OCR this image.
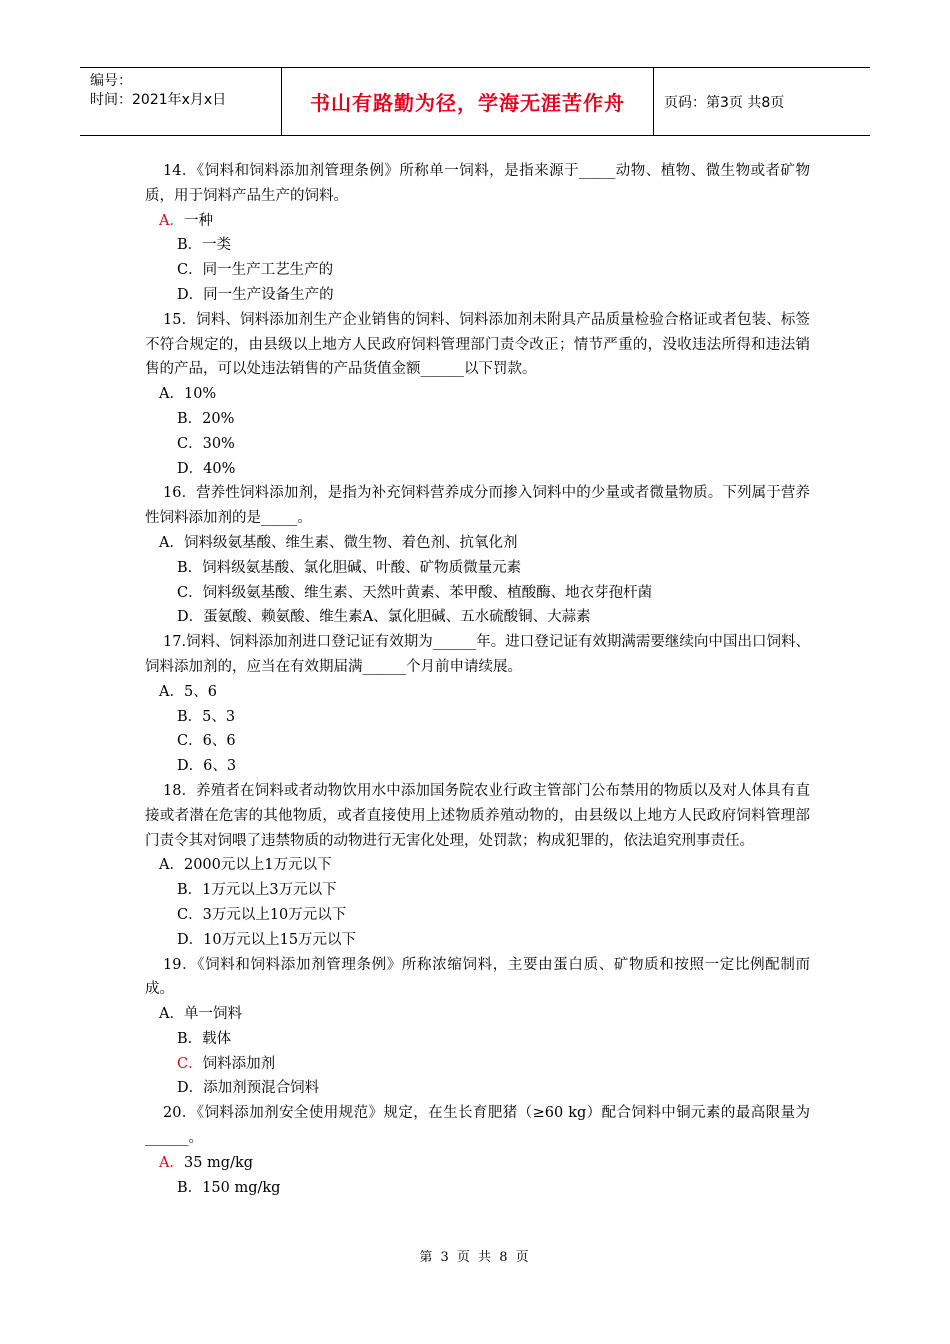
编号：
时间：2021年x月x日	书山有路勤为径，学海无涯苦作舟	页码：第3页 共8页

14．《饲料和饲料添加剂管理条例》所称单一饲料，是指来源于_____动物、植物、微生物或者矿物质，用于饲料产品生产的饲料。

A．一种

B．一类

C．同一生产工艺生产的

D．同一生产设备生产的

15．饲料、饲料添加剂生产企业销售的饲料、饲料添加剂未附具产品质量检验合格证或者包装、标签不符合规定的，由县级以上地方人民政府饲料管理部门责令改正；情节严重的，没收违法所得和违法销售的产品，可以处违法销售的产品货值金额______以下罚款。

A．10%

B．20%

C．30%

D．40%

16．营养性饲料添加剂，是指为补充饲料营养成分而掺入饲料中的少量或者微量物质。下列属于营养性饲料添加剂的是_____。

A．饲料级氨基酸、维生素、微生物、着色剂、抗氧化剂

B．饲料级氨基酸、氯化胆碱、叶酸、矿物质微量元素

C．饲料级氨基酸、维生素、天然叶黄素、苯甲酸、植酸酶、地衣芽孢杆菌

D．蛋氨酸、赖氨酸、维生素A、氯化胆碱、五水硫酸铜、大蒜素

17.饲料、饲料添加剂进口登记证有效期为______年。进口登记证有效期满需要继续向中国出口饲料、饲料添加剂的，应当在有效期届满______个月前申请续展。

A．5、6

B．5、3

C．6、6

D．6、3

18．养殖者在饲料或者动物饮用水中添加国务院农业行政主管部门公布禁用的物质以及对人体具有直接或者潜在危害的其他物质，或者直接使用上述物质养殖动物的，由县级以上地方人民政府饲料管理部门责令其对饲喂了违禁物质的动物进行无害化处理，处罚款；构成犯罪的，依法追究刑事责任。

A．2000元以上1万元以下

B．1万元以上3万元以下

C．3万元以上10万元以下

D．10万元以上15万元以下

19．《饲料和饲料添加剂管理条例》所称浓缩饲料，主要由蛋白质、矿物质和按照一定比例配制而成。

A．单一饲料

B．载体

C．饲料添加剂

D．添加剂预混合饲料

20．《饲料添加剂安全使用规范》规定，在生长育肥猪（≥60 kg）配合饲料中铜元素的最高限量为______。

A．35 mg/kg

B．150 mg/kg

第 3 页 共 8 页
